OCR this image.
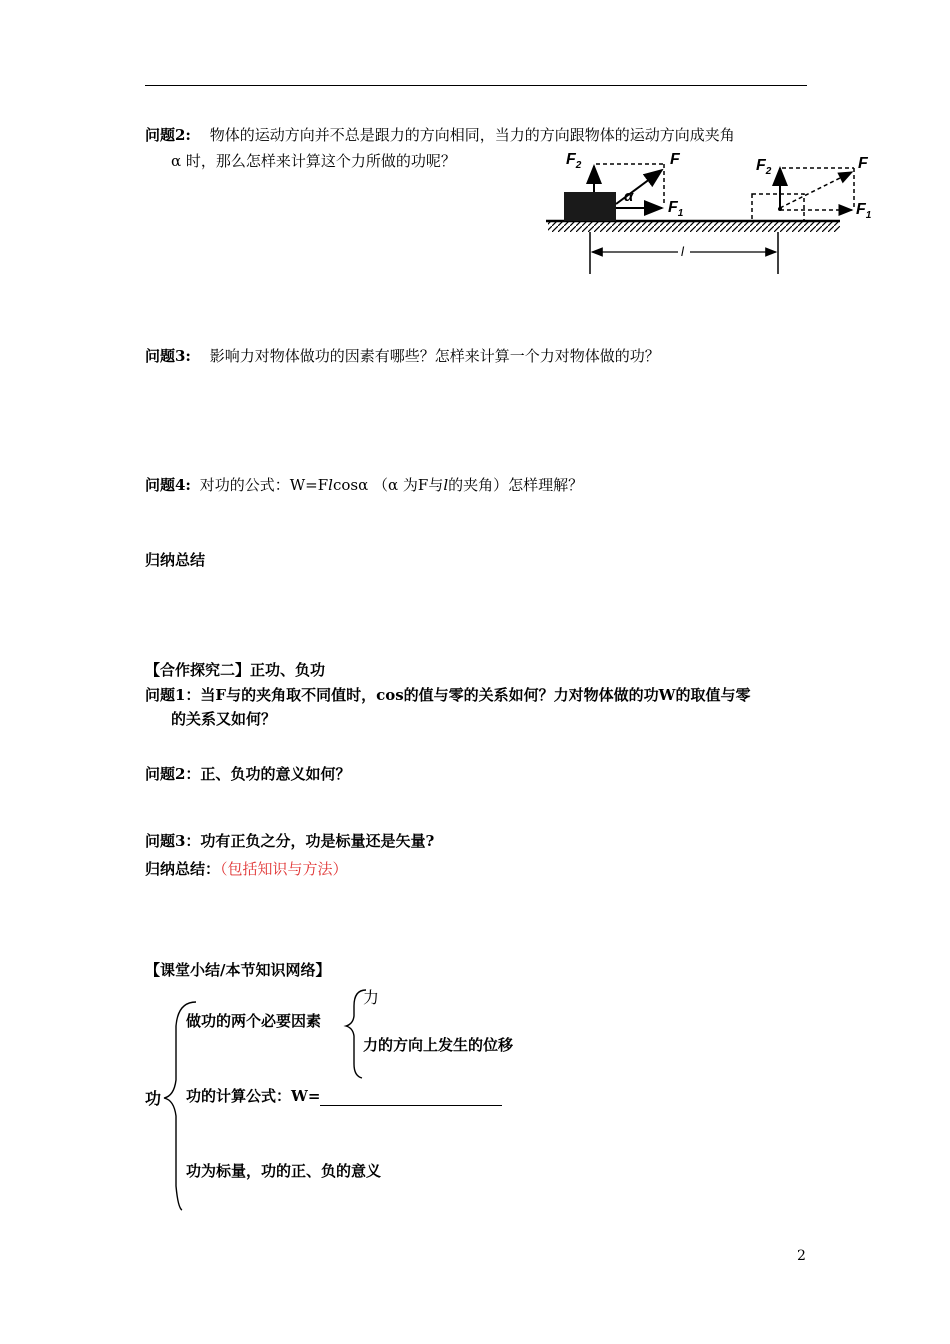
问题2: 物体的运动方向并不总是跟力的方向相同，当力的方向跟物体的运动方向成夹角
α 时，那么怎样来计算这个力所做的功呢？
l
$F_2$	F
α
$F_1$
$F_2$	F
$F_1$
问题3: 影响力对物体做功的因素有哪些？怎样来计算一个力对物体做的功？
问题4: 对功的公式：W=Flcosα （α 为F与l的夹角）怎样理解？
归纳总结
【合作探究二】正功、负功
问题1：当F与的夹角取不同值时，cos的值与零的关系如何？力对物体做的功W的取值与零
的关系又如何？
问题2：正、负功的意义如何？
问题3：功有正负之分，功是标量还是矢量?
归纳总结：（包括知识与方法）
【课堂小结/本节知识网络】
功
做功的两个必要因素
力
力的方向上发生的位移
功的计算公式：W=
功为标量，功的正、负的意义
2
